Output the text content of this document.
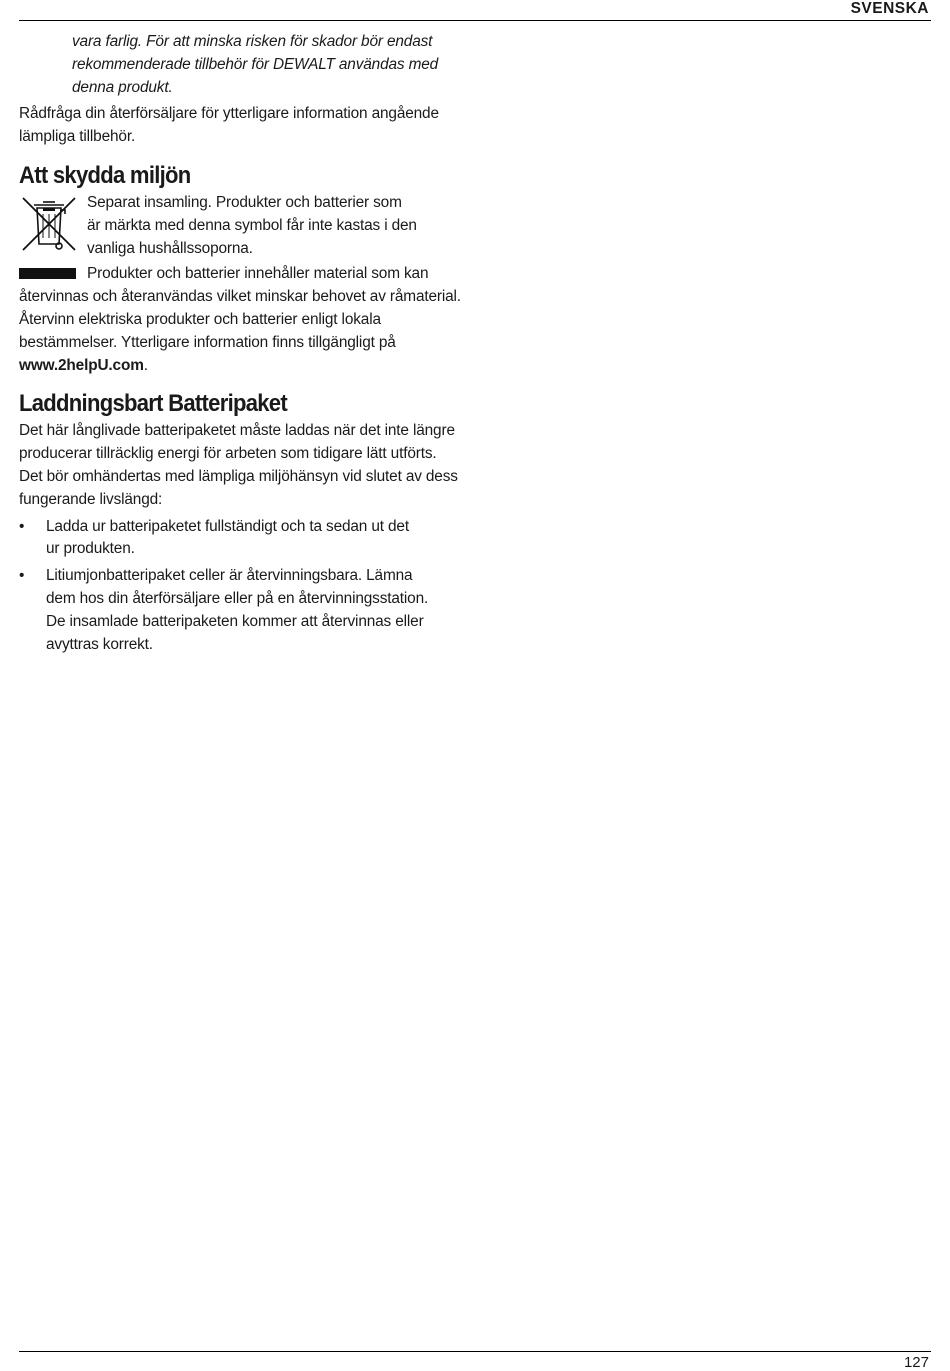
SVENSKA

vara farlig. För att minska risken för skador bör endast
rekommenderade tillbehör för DEWALT användas med
denna produkt.

Rådfråga din återförsäljare för ytterligare information angående lämpliga tillbehör.

Att skydda miljön

Separat insamling. Produkter och batterier som
är märkta med denna symbol får inte kastas i den
vanliga hushållssoporna.

Produkter och batterier innehåller material som kan återvinnas och återanvändas vilket minskar behovet av råmaterial. Återvinn elektriska produkter och batterier enligt lokala bestämmelser. Ytterligare information finns tillgängligt på www.2helpU.com.

Laddningsbart Batteripaket

Det här långlivade batteripaketet måste laddas när det inte längre producerar tillräcklig energi för arbeten som tidigare lätt utförts. Det bör omhändertas med lämpliga miljöhänsyn vid slutet av dess fungerande livslängd:

• Ladda ur batteripaketet fullständigt och ta sedan ut det
ur produkten.
• Litiumjonbatteripaket celler är återvinningsbara. Lämna
dem hos din återförsäljare eller på en återvinningsstation.
De insamlade batteripaketen kommer att återvinnas eller
avyttras korrekt.
127
